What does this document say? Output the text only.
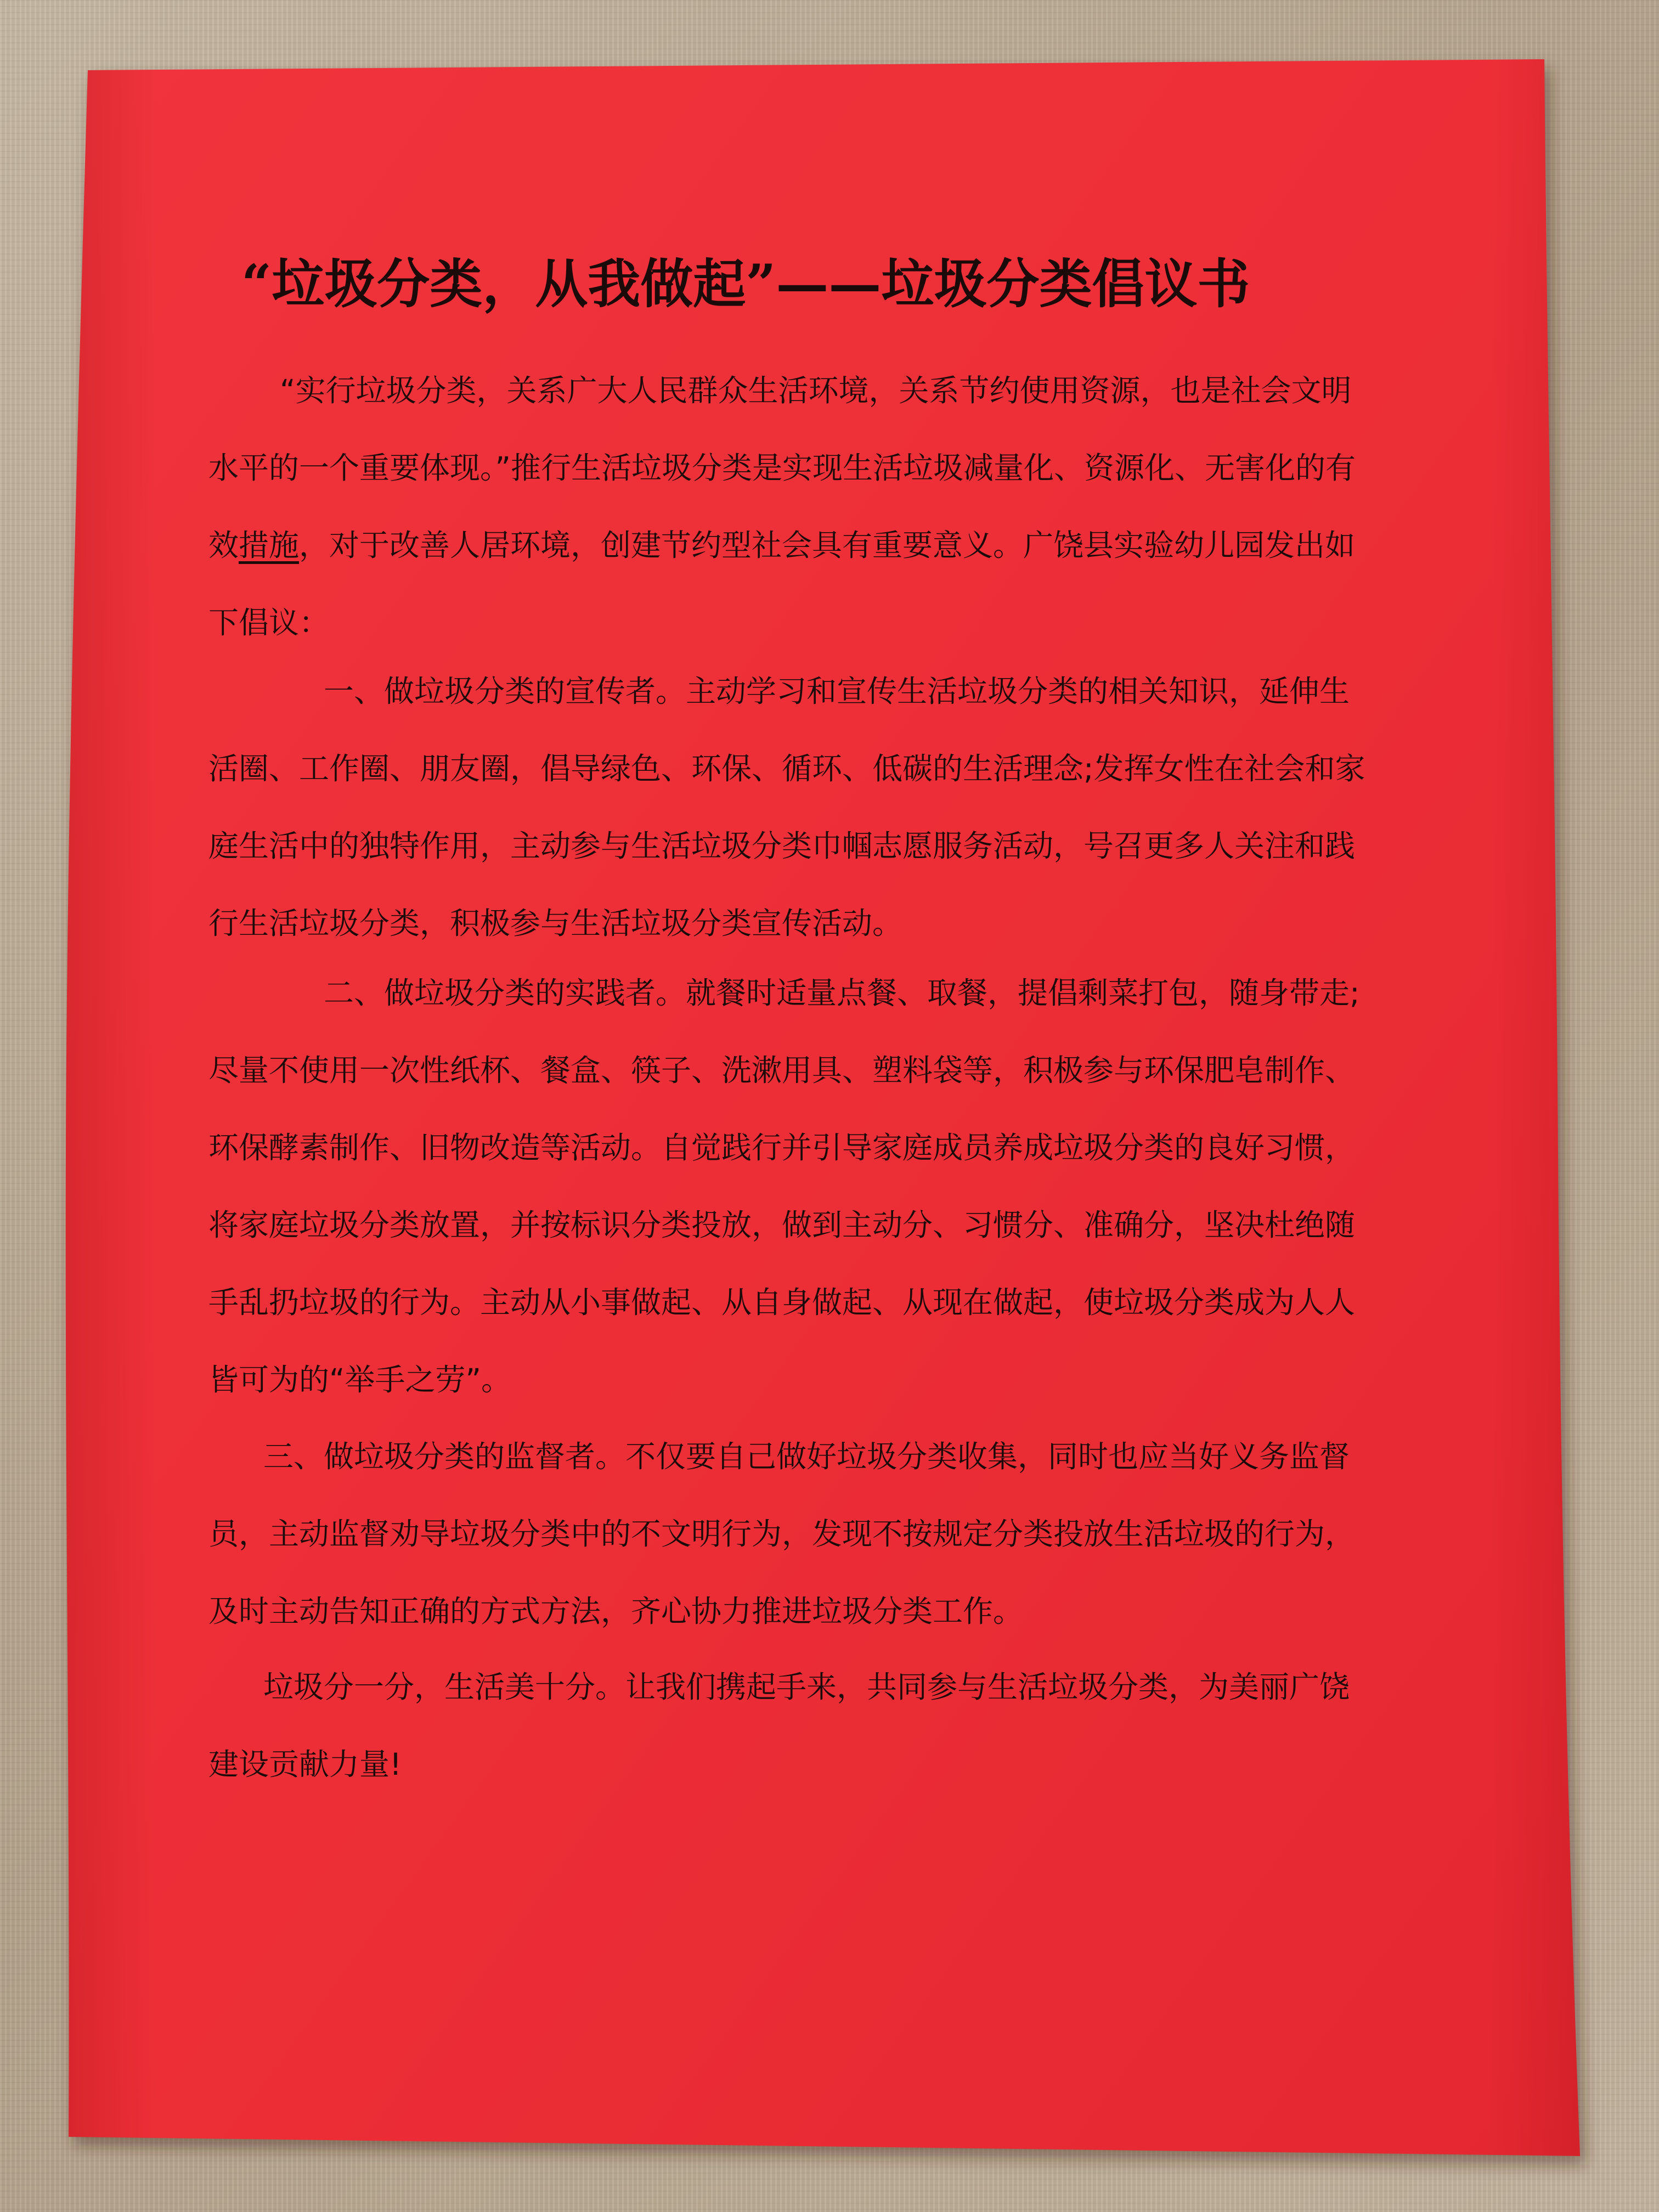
“垃圾分类，从我做起”——垃圾分类倡议书
“实行垃圾分类，关系广大人民群众生活环境，关系节约使用资源，也是社会文明水平的一个重要体现。”推行生活垃圾分类是实现生活垃圾减量化、资源化、无害化的有效措施，对于改善人居环境，创建节约型社会具有重要意义。广饶县实验幼儿园发出如下倡议：
一、做垃圾分类的宣传者。主动学习和宣传生活垃圾分类的相关知识，延伸生活圈、工作圈、朋友圈，倡导绿色、环保、循环、低碳的生活理念;发挥女性在社会和家庭生活中的独特作用，主动参与生活垃圾分类巾帼志愿服务活动，号召更多人关注和践行生活垃圾分类，积极参与生活垃圾分类宣传活动。
二、做垃圾分类的实践者。就餐时适量点餐、取餐，提倡剩菜打包，随身带走;尽量不使用一次性纸杯、餐盒、筷子、洗漱用具、塑料袋等，积极参与环保肥皂制作、环保酵素制作、旧物改造等活动。自觉践行并引导家庭成员养成垃圾分类的良好习惯，将家庭垃圾分类放置，并按标识分类投放，做到主动分、习惯分、准确分，坚决杜绝随手乱扔垃圾的行为。主动从小事做起、从自身做起、从现在做起，使垃圾分类成为人人皆可为的“举手之劳”。
三、做垃圾分类的监督者。不仅要自己做好垃圾分类收集，同时也应当好义务监督员，主动监督劝导垃圾分类中的不文明行为，发现不按规定分类投放生活垃圾的行为，及时主动告知正确的方式方法，齐心协力推进垃圾分类工作。
垃圾分一分，生活美十分。让我们携起手来，共同参与生活垃圾分类，为美丽广饶建设贡献力量!
